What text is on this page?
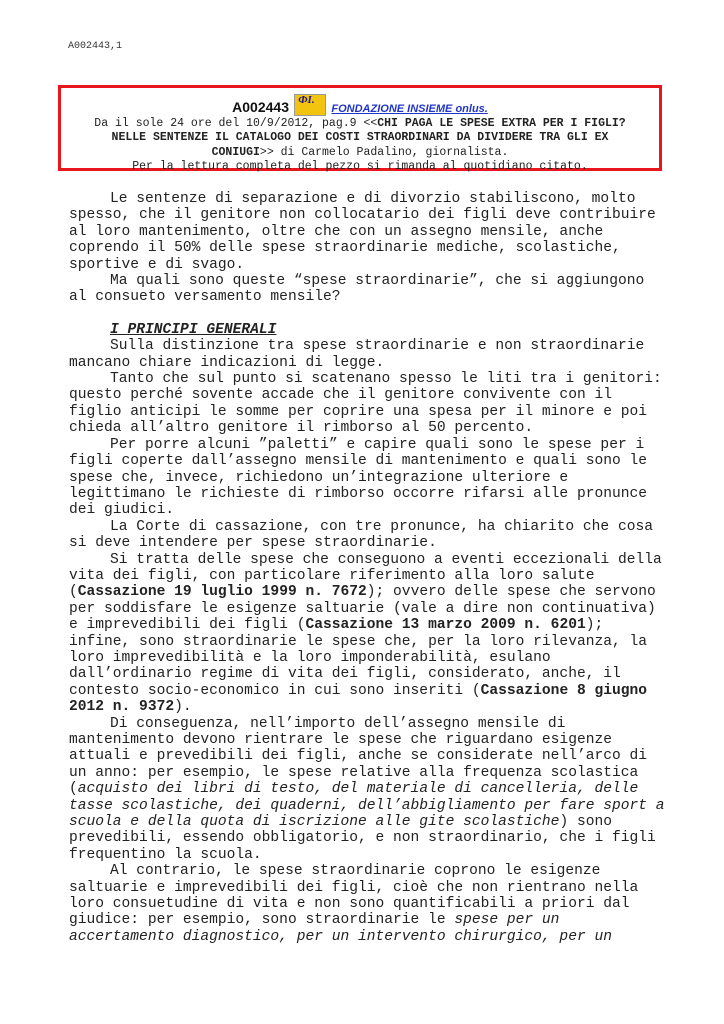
A002443,1
A002443 ФI.
FONDAZIONE INSIEME onlus.
Da il sole 24 ore del 10/9/2012, pag.9 <<CHI PAGA LE SPESE EXTRA PER I FIGLI?
NELLE SENTENZE IL CATALOGO DEI COSTI STRAORDINARI DA DIVIDERE TRA GLI EX
CONIUGI>> di Carmelo Padalino, giornalista.
Per la lettura completa del pezzo si rimanda al quotidiano citato.

Le sentenze di separazione e di divorzio stabiliscono, molto spesso, che il genitore non collocatario dei figli deve contribuire al loro mantenimento, oltre che con un assegno mensile, anche coprendo il 50% delle spese straordinarie mediche, scolastiche, sportive e di svago.

Ma quali sono queste “spese straordinarie”, che si aggiungono al consueto versamento mensile?

I PRINCIPI GENERALI

Sulla distinzione tra spese straordinarie e non straordinarie mancano chiare indicazioni di legge.

Tanto che sul punto si scatenano spesso le liti tra i genitori: questo perché sovente accade che il genitore convivente con il figlio anticipi le somme per coprire una spesa per il minore e poi chieda all’altro genitore il rimborso al 50 percento.

Per porre alcuni ”paletti” e capire quali sono le spese per i figli coperte dall’assegno mensile di mantenimento e quali sono le spese che, invece, richiedono un’integrazione ulteriore e legittimano le richieste di rimborso occorre rifarsi alle pronunce dei giudici.

La Corte di cassazione, con tre pronunce, ha chiarito che cosa si deve intendere per spese straordinarie.

Si tratta delle spese che conseguono a eventi eccezionali della vita dei figli, con particolare riferimento alla loro salute (Cassazione 19 luglio 1999 n. 7672); ovvero delle spese che servono per soddisfare le esigenze saltuarie (vale a dire non continuativa) e imprevedibili dei figli (Cassazione 13 marzo 2009 n. 6201); infine, sono straordinarie le spese che, per la loro rilevanza, la loro imprevedibilità e la loro imponderabilità, esulano dall’ordinario regime di vita dei figli, considerato, anche, il contesto socio-economico in cui sono inseriti (Cassazione 8 giugno 2012 n. 9372).

Di conseguenza, nell’importo dell’assegno mensile di mantenimento devono rientrare le spese che riguardano esigenze attuali e prevedibili dei figli, anche se considerate nell’arco di un anno: per esempio, le spese relative alla frequenza scolastica (acquisto dei libri di testo, del materiale di cancelleria, delle tasse scolastiche, dei quaderni, dell’abbigliamento per fare sport a scuola e della quota di iscrizione alle gite scolastiche) sono prevedibili, essendo obbligatorio, e non straordinario, che i figli frequentino la scuola.

Al contrario, le spese straordinarie coprono le esigenze saltuarie e imprevedibili dei figli, cioè che non rientrano nella loro consuetudine di vita e non sono quantificabili a priori dal giudice: per esempio, sono straordinarie le spese per un accertamento diagnostico, per un intervento chirurgico, per un
